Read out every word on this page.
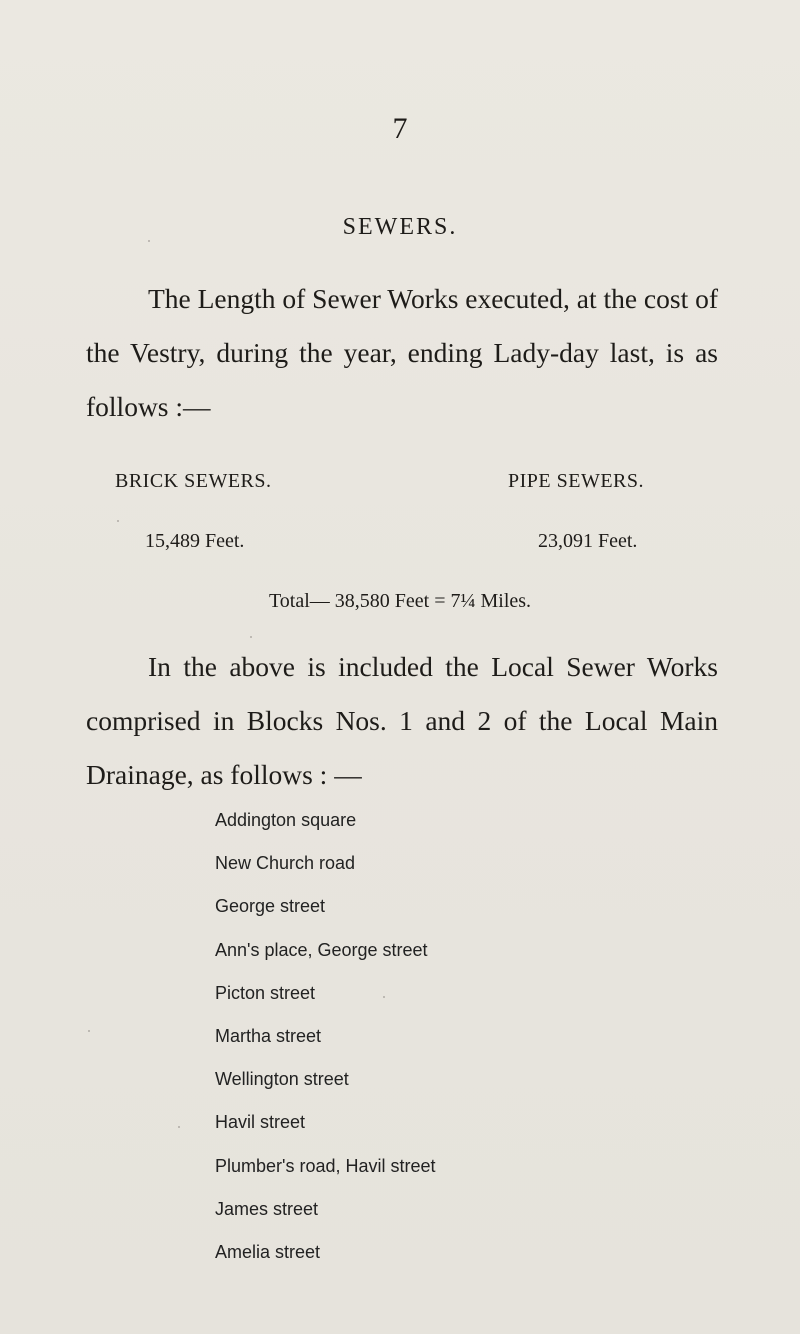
7
SEWERS.

The Length of Sewer Works executed, at the cost of the Vestry, during the year, ending Lady-day last, is as follows :—

BRICK SEWERS.	PIPE SEWERS.
15,489 Feet.	23,091 Feet.
Total— 38,580 Feet = 7¼ Miles.

In the above is included the Local Sewer Works comprised in Blocks Nos. 1 and 2 of the Local Main Drainage, as follows : —

Addington square
New Church road
George street
Ann's place, George street
Picton street
Martha street
Wellington street
Havil street
Plumber's road, Havil street
James street
Amelia street
